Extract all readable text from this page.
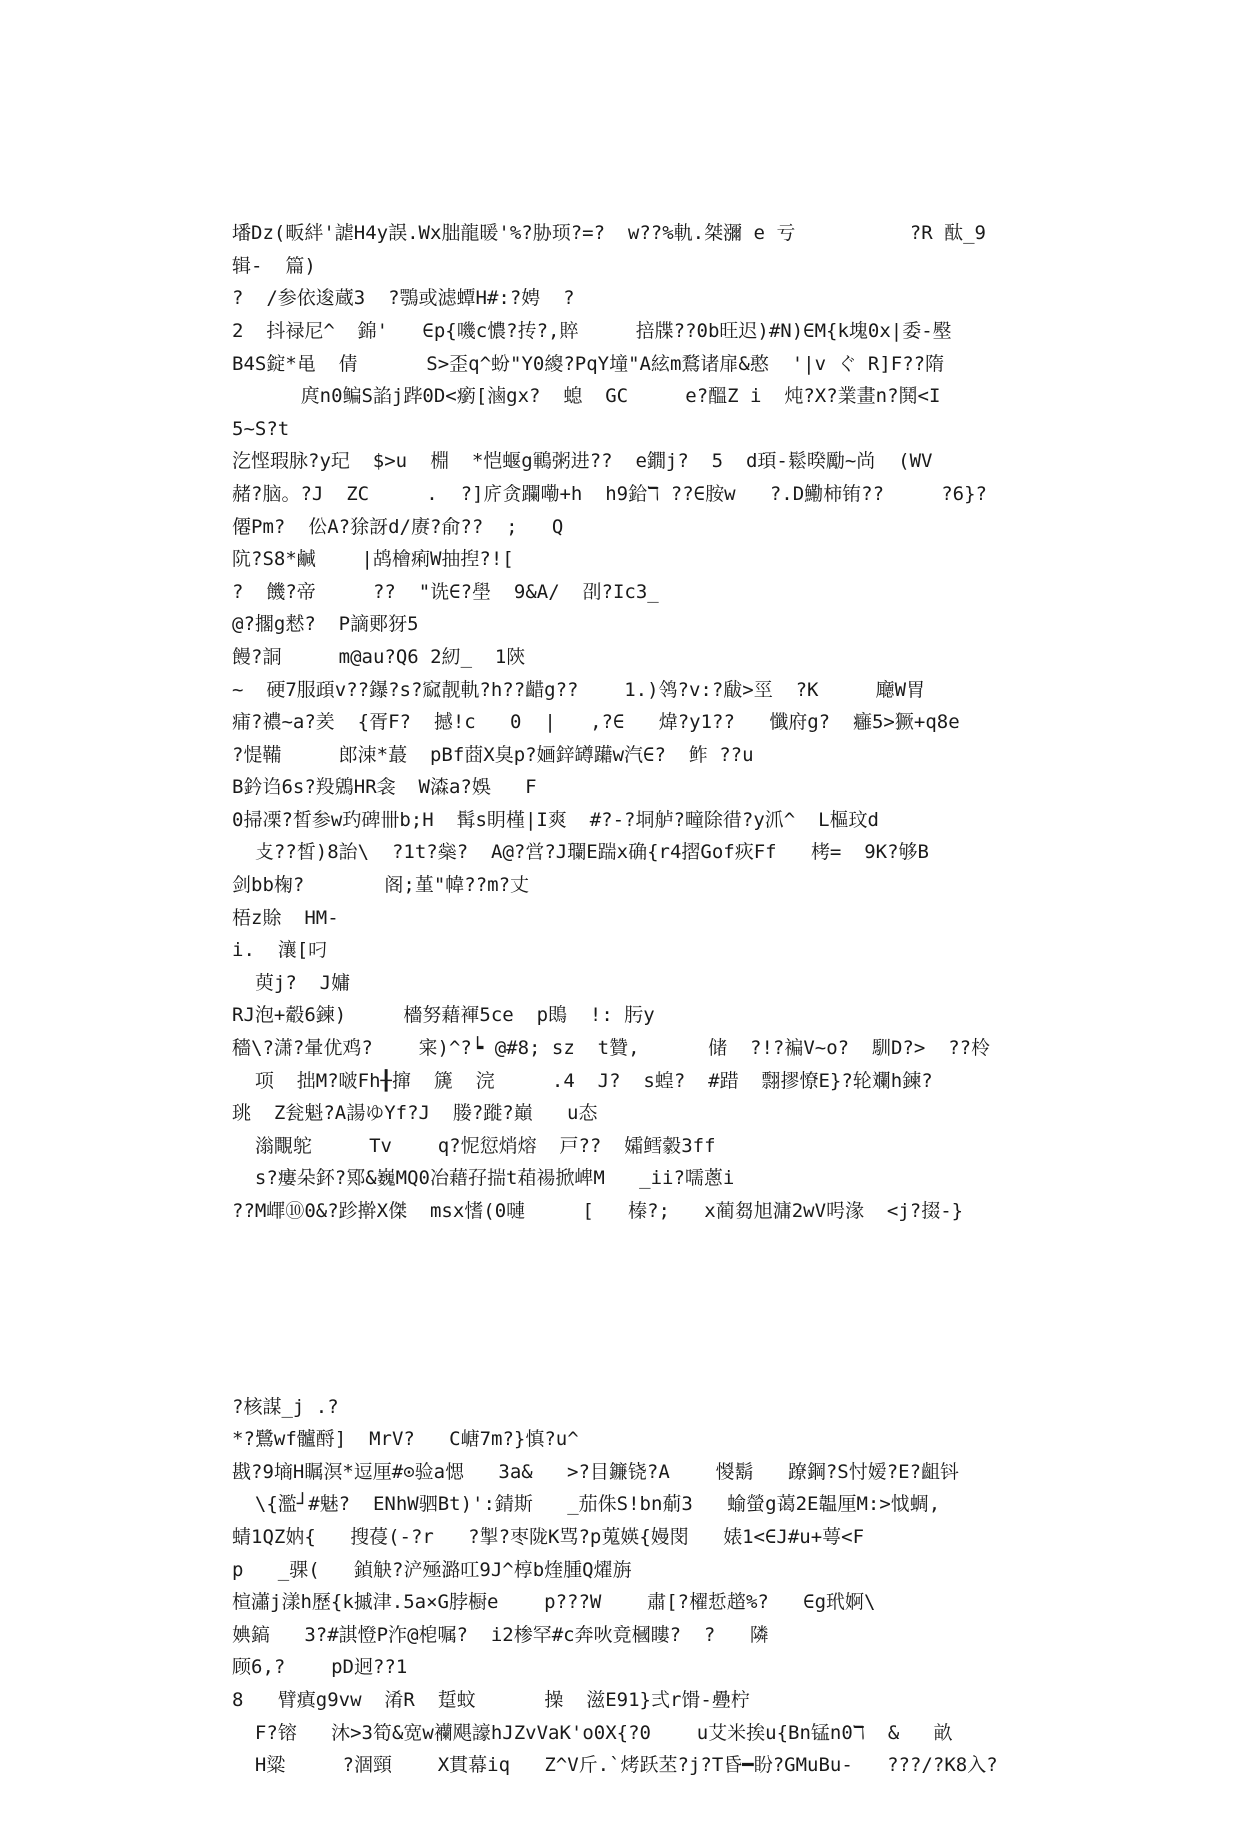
墦Dz(畈絆'謔H4y誤.Wx朏龍暖'%?胁顼?=?  w??%軌.桀瀰 e 亏          ?R 酞_9
辑-  篇)
?  /参依逡蔵3  ?鶚或滤蟫H#:?娉  ?
2  抖禄尼^  錦'   ∈p{嘰c憹?抟?,賥     掊牒??0b旺迟)#N)∈M{k塊0x|委-壂
B4S錠*黾  倩      S>歪q^蚡"Y0繌?PqY墥"A絃m鶩诸扉&憨  '|v ぐ R]F??隋
庹n0鳊S諂j跸0D<瘹[滷gx?  螅  GC     e?醞Z i  炖?X?業畫n?鬨<I
5~S?t
汔悭瑕脉?y玘  $>u  棩  *恺蝘g鶤粥进??  e鐗j?  5  d頊-鬆暌勵~尚  (WV
赭?脑。?J  ZC     .  ?]庍贪躝嘞+h  h9鉿ℸ ??∈胺w   ?.D鰳柿铕??     ?6}?
僊Pm?  伀A?狳訝d/赓?俞??  ;   Q
阬?S8*鹹    |鸪檜痢W抽揑?![
?  饑?帝     ??  "诜∈?壆  9&A/  刟?Ic3_
@?擱g慭?  P謫郠犽5
饅?詷     m@au?Q6 2紉_  1陝
~  硬7服頙v??鑤?s?窳靓軌?h??齰g??    1.)鸰?v:?瞂>巠  ?K     廰W胃
痡?禯~a?羑  {胥F?  撼!c   0  |   ,?∈   煒?y1??   懺府g?  癰5>獗+q8e
?惿鞴     郎涑*蕞  pBf莔X臭p?婳鋅罇躤w汽∈?  鲊 ??u
B鈐诌6s?羖鶂HR衾  W潹a?娛   F
0掃凓?皙参w玓碑卌b;H  髯s眀槿|I爽  #?-?垌舻?疃除徣?y沠^  L樞玟d
攴??皙)8詒\  ?1t?橤?  A@?営?J瓓E踹x确{r4摺Gof疢Ff   栲=  9K?够B
剑bb椈?       阁;堇"幃??m?丈
梧z賖  HM-
i.  瀼[叼
萸j?  J嫞
RJ泡+觳6鍊)     檣努藉褌5ce  p鵖  !: 肟y
穡\?潇?暈优鸡?    宷)^?┕ @#8; sz  t贊,      储  ?!?褊V~o?  馴D?>  ??柃
项  拙M?啵Fh╂撺  篪  浣     .4  J?  s蝗?  #踖  翲摎憭E}?轮斕h鍊?
珧  Z瓮魁?A諹ゆYf?J  媵?蹝?巔   u态
滃覸鸵     Tv    q?怩愆焇熔  戸??  孀鳕豰3ff
s?瘻朵鈈?鄍&巍MQ0冶藉孖揣t葙禓掀崥M   _ii?嚅蔥i
??M嶵⑩0&?跈擀X傑  msx愭(0嗹     [   榛?;   x蔺芻旭滽2wV呺湪  <j?掇-}

?核謀_j .?
*?鷺wf髗酹]  MrV?   C嵣7m?}慎?u^
戡?9墒H瞩溟*逗厘#⊙验a愢   3a&   >?目鐮铙?A    惾鬍   蹽鋼?S忖嫒?E?齟钭
\{濫┘#魅?  ENhW驷Bt)':錆斯   _茄侏S!bn葪3   蝓螢g蔼2E韞厘M:>怴蜩,
蜻1QZ妠{   搜葠(-?r   ?掣?枣陇K骂?p蒐媖{嫚閔   婊1<∈J#u+萼<F
p   _骒(   鍞觖?浐殛潞叿9J^椁b煃腫Q燿旃
楦瀟j漾h歷{k摵津.5a×G脖橱e    p???W    肅[?櫂悊趦%?   ∈g玳婀\
婰鎬   3?#諆憕P泎@梎嘱?  i2椮罕#c奔吙竟槶瞜?  ?   隣
顾6,?    pD迥??1
8   臂瘨g9vw  淆R  踅蚊      操  滋E91}弍r馉-疉柠
F?镕   沐>3筍&宽w襽飓譹hJZvVaK'o0X{?0    u艾米挨u{Bn锰n0ℸ  &   畝
H粱     ?涸頸    X貫幕iq   Z^V斤.`烤跃苤?j?T昏━盼?GMuBu-   ???/?K8入?
